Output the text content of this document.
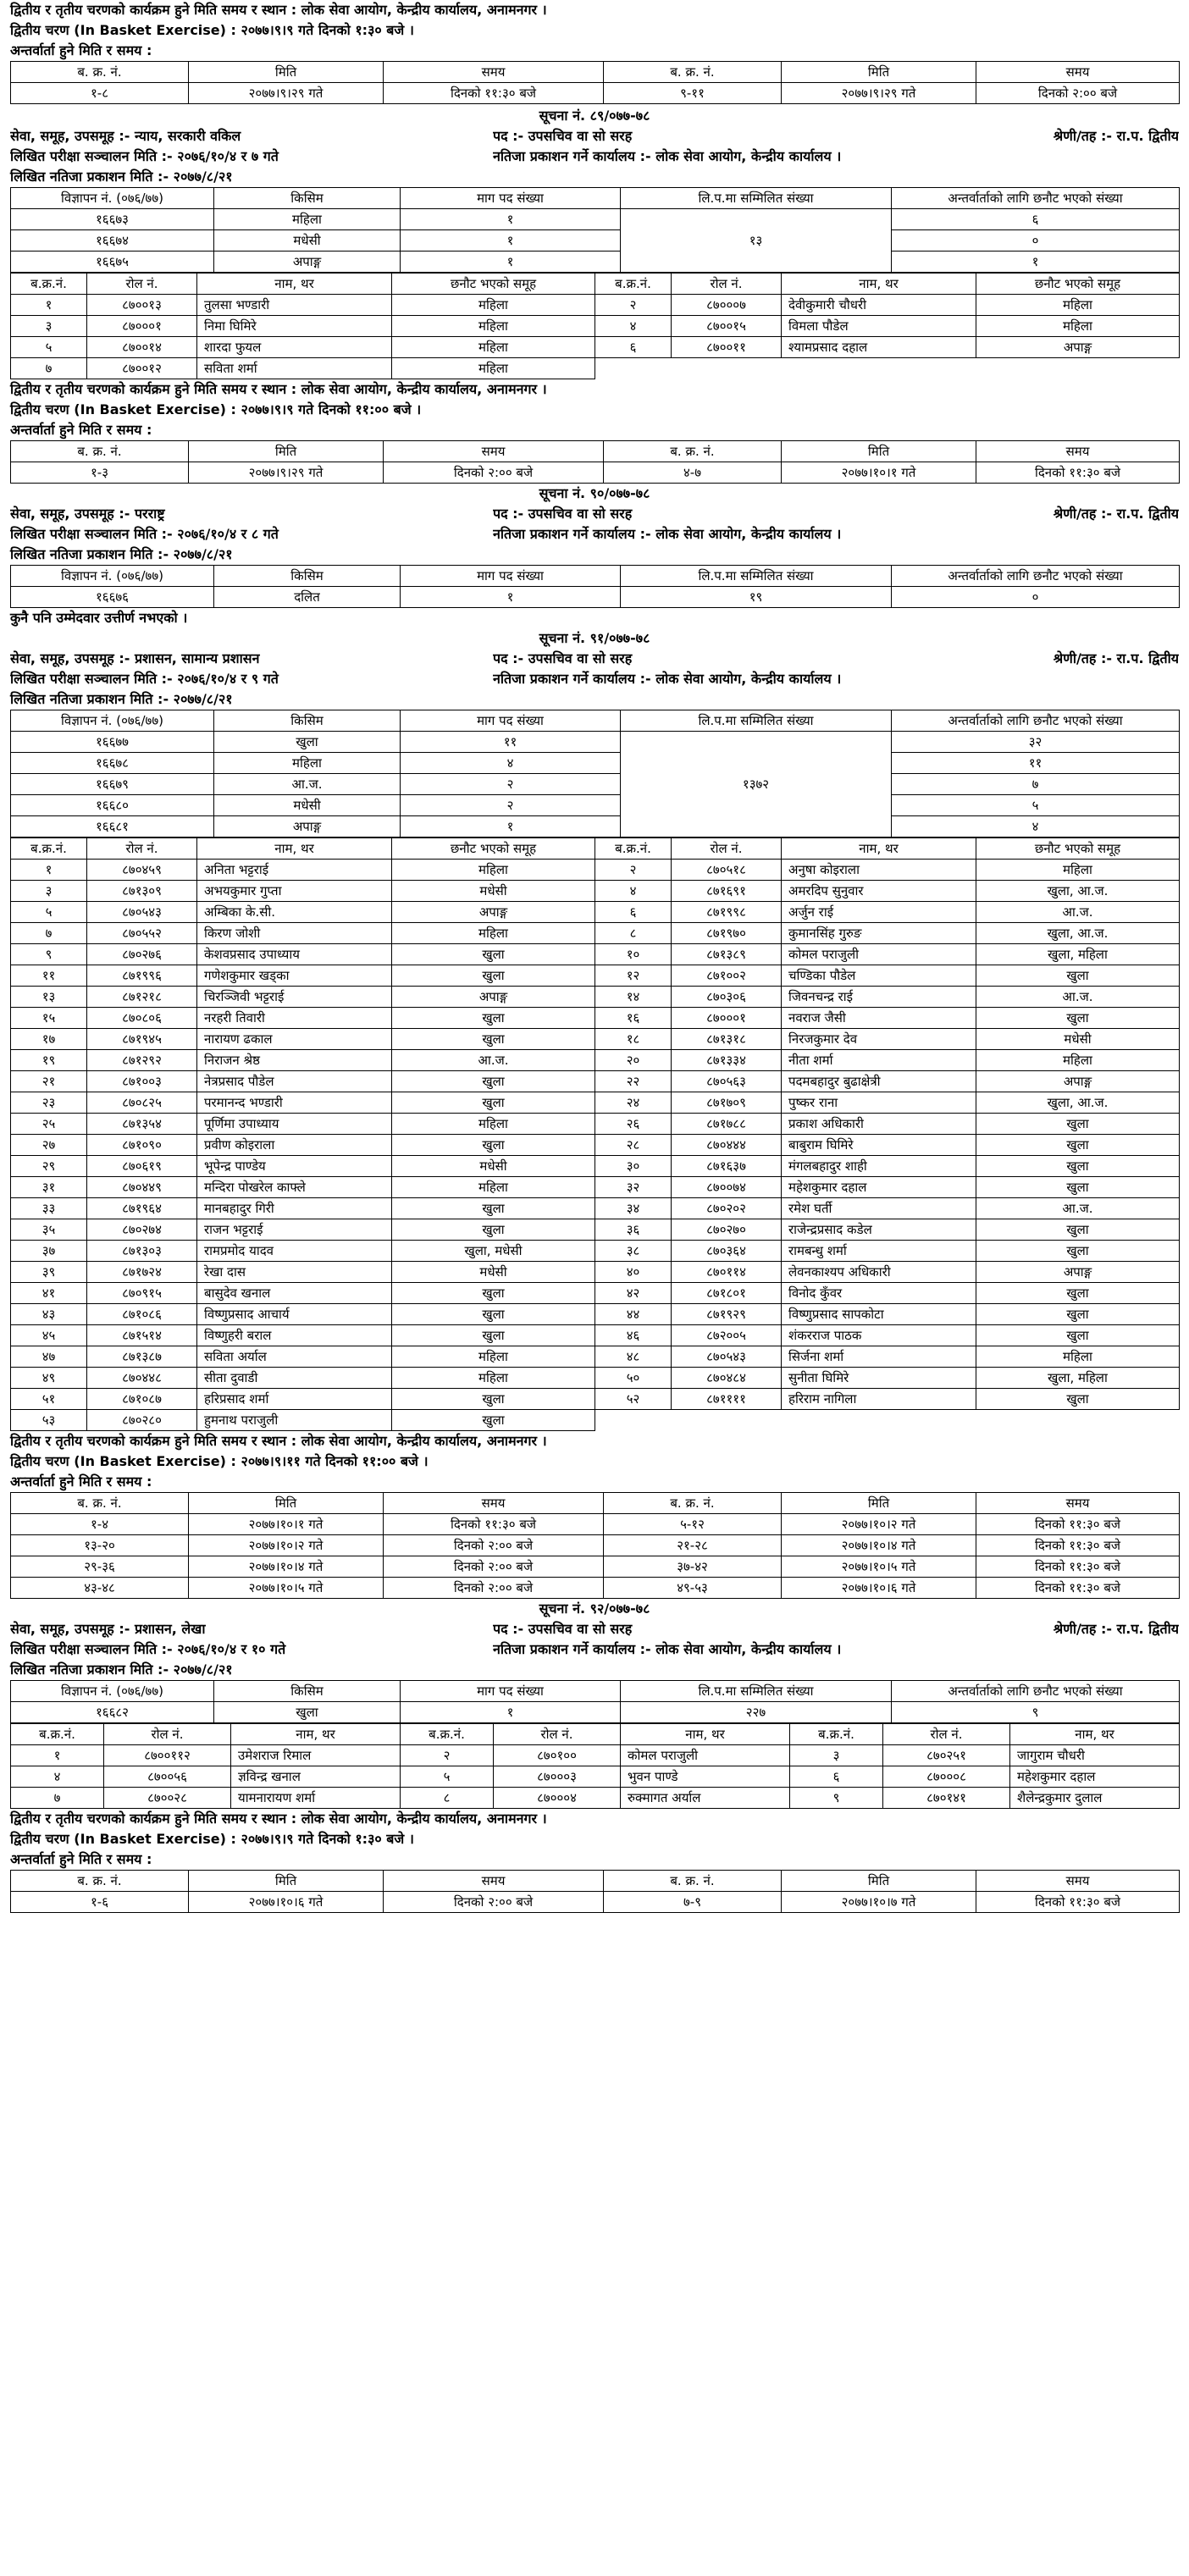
द्वितीय र तृतीय चरणको कार्यक्रम हुने मिति समय र स्थान : लोक सेवा आयोग, केन्द्रीय कार्यालय, अनामनगर ।
द्वितीय चरण (In Basket Exercise) : २०७७।९।९ गते दिनको १:३० बजे ।
अन्तर्वार्ता हुने मिति र समय :
ब. क्र. नं.	मिति	समय	ब. क्र. नं.	मिति	समय
१-८	२०७७।९।२९ गते	दिनको ११:३० बजे	९-११	२०७७।९।२९ गते	दिनको २:०० बजे
सूचना नं. ८९/०७७-७८
सेवा, समूह, उपसमूह :- न्याय, सरकारी वकिल	पद :- उपसचिव वा सो सरह	श्रेणी/तह :- रा.प. द्वितीय
लिखित परीक्षा सञ्चालन मिति :- २०७६/१०/४ र ७ गते	नतिजा प्रकाशन गर्ने कार्यालय :- लोक सेवा आयोग, केन्द्रीय कार्यालय ।
लिखित नतिजा प्रकाशन मिति :- २०७७/८/२१
विज्ञापन नं. (०७६/७७)	किसिम	माग पद संख्या	लि.प.मा सम्मिलित संख्या	अन्तर्वार्ताको लागि छनौट भएको संख्या
१६६७३	महिला	१	१३	६
१६६७४	मधेसी	१		०
१६६७५	अपाङ्ग	१		१
ब.क्र.नं.	रोल नं.	नाम, थर	छनौट भएको समूह	ब.क्र.नं.	रोल नं.	नाम, थर	छनौट भएको समूह
१	८७००१३	तुलसा भण्डारी	महिला	२	८७०००७	देवीकुमारी चौधरी	महिला
३	८७०००१	निमा घिमिरे	महिला	४	८७००१५	विमला पौडेल	महिला
५	८७००१४	शारदा फुयल	महिला	६	८७००११	श्यामप्रसाद दहाल	अपाङ्ग
७	८७००१२	सविता शर्मा	महिला				
द्वितीय र तृतीय चरणको कार्यक्रम हुने मिति समय र स्थान : लोक सेवा आयोग, केन्द्रीय कार्यालय, अनामनगर ।
द्वितीय चरण (In Basket Exercise) : २०७७।९।९ गते दिनको ११:०० बजे ।
अन्तर्वार्ता हुने मिति र समय :
ब. क्र. नं.	मिति	समय	ब. क्र. नं.	मिति	समय
१-३	२०७७।९।२९ गते	दिनको २:०० बजे	४-७	२०७७।१०।१ गते	दिनको ११:३० बजे
सूचना नं. ९०/०७७-७८
सेवा, समूह, उपसमूह :- परराष्ट्र	पद :- उपसचिव वा सो सरह	श्रेणी/तह :- रा.प. द्वितीय
लिखित परीक्षा सञ्चालन मिति :- २०७६/१०/४ र ८ गते	नतिजा प्रकाशन गर्ने कार्यालय :- लोक सेवा आयोग, केन्द्रीय कार्यालय ।
लिखित नतिजा प्रकाशन मिति :- २०७७/८/२१
विज्ञापन नं. (०७६/७७)	किसिम	माग पद संख्या	लि.प.मा सम्मिलित संख्या	अन्तर्वार्ताको लागि छनौट भएको संख्या
१६६७६	दलित	१	१९	०
कुनै पनि उम्मेदवार उत्तीर्ण नभएको ।
सूचना नं. ९१/०७७-७८
सेवा, समूह, उपसमूह :- प्रशासन, सामान्य प्रशासन	पद :- उपसचिव वा सो सरह	श्रेणी/तह :- रा.प. द्वितीय
लिखित परीक्षा सञ्चालन मिति :- २०७६/१०/४ र ९ गते	नतिजा प्रकाशन गर्ने कार्यालय :- लोक सेवा आयोग, केन्द्रीय कार्यालय ।
लिखित नतिजा प्रकाशन मिति :- २०७७/८/२१
विज्ञापन नं. (०७६/७७)	किसिम	माग पद संख्या	लि.प.मा सम्मिलित संख्या	अन्तर्वार्ताको लागि छनौट भएको संख्या
१६६७७	खुला	११	१३७२	३२
१६६७८	महिला	४		११
१६६७९	आ.ज.	२		७
१६६८०	मधेसी	२		५
१६६८१	अपाङ्ग	१		४
ब.क्र.नं.	रोल नं.	नाम, थर	छनौट भएको समूह	ब.क्र.नं.	रोल नं.	नाम, थर	छनौट भएको समूह
१	८७०४५९	अनिता भट्टराई	महिला	२	८७०५१८	अनुषा कोइराला	महिला
३	८७१३०९	अभयकुमार गुप्ता	मधेसी	४	८७१६९१	अमरदिप सुनुवार	खुला, आ.ज.
५	८७०५४३	अम्बिका के.सी.	अपाङ्ग	६	८७१९९८	अर्जुन राई	आ.ज.
७	८७०५५२	किरण जोशी	महिला	८	८७१९७०	कुमानसिंह गुरुङ	खुला, आ.ज.
९	८७०२७६	केशवप्रसाद उपाध्याय	खुला	१०	८७१३८९	कोमल पराजुली	खुला, महिला
११	८७१९९६	गणेशकुमार खड्का	खुला	१२	८७१००२	चण्डिका पौडेल	खुला
१३	८७१२१८	चिरञ्जिवी भट्टराई	अपाङ्ग	१४	८७०३०६	जिवनचन्द्र राई	आ.ज.
१५	८७०८०६	नरहरी तिवारी	खुला	१६	८७०००१	नवराज जैसी	खुला
१७	८७१९४५	नारायण ढकाल	खुला	१८	८७१३१८	निरजकुमार देव	मधेसी
१९	८७१२९२	निराजन श्रेष्ठ	आ.ज.	२०	८७१३३४	नीता शर्मा	महिला
२१	८७१००३	नेत्रप्रसाद पौडेल	खुला	२२	८७०५६३	पदमबहादुर बुढाक्षेत्री	अपाङ्ग
२३	८७०८२५	परमानन्द भण्डारी	खुला	२४	८७१७०९	पुष्कर राना	खुला, आ.ज.
२५	८७१३५४	पूर्णिमा उपाध्याय	महिला	२६	८७१७८८	प्रकाश अधिकारी	खुला
२७	८७१०९०	प्रवीण कोइराला	खुला	२८	८७०४४४	बाबुराम घिमिरे	खुला
२९	८७०६१९	भूपेन्द्र पाण्डेय	मधेसी	३०	८७१६३७	मंगलबहादुर शाही	खुला
३१	८७०४४९	मन्दिरा पोखरेल काफ्ले	महिला	३२	८७००७४	महेशकुमार दहाल	खुला
३३	८७१९६४	मानबहादुर गिरी	खुला	३४	८७०२०२	रमेश घर्ती	आ.ज.
३५	८७०२७४	राजन भट्टराई	खुला	३६	८७०२७०	राजेन्द्रप्रसाद कडेल	खुला
३७	८७१३०३	रामप्रमोद यादव	खुला, मधेसी	३८	८७०३६४	रामबन्धु शर्मा	खुला
३९	८७१७२४	रेखा दास	मधेसी	४०	८७०११४	लेवनकाश्यप अधिकारी	अपाङ्ग
४१	८७०९१५	बासुदेव खनाल	खुला	४२	८७१८०१	विनोद कुँवर	खुला
४३	८७१०८६	विष्णुप्रसाद आचार्य	खुला	४४	८७१९२९	विष्णुप्रसाद सापकोटा	खुला
४५	८७१५१४	विष्णुहरी बराल	खुला	४६	८७२००५	शंकरराज पाठक	खुला
४७	८७१३८७	सविता अर्याल	महिला	४८	८७०५४३	सिर्जना शर्मा	महिला
४९	८७०४४८	सीता दुवाडी	महिला	५०	८७०४८४	सुनीता घिमिरे	खुला, महिला
५१	८७१०८७	हरिप्रसाद शर्मा	खुला	५२	८७११११	हरिराम नागिला	खुला
५३	८७०२८०	हुमनाथ पराजुली	खुला				
द्वितीय र तृतीय चरणको कार्यक्रम हुने मिति समय र स्थान : लोक सेवा आयोग, केन्द्रीय कार्यालय, अनामनगर ।
द्वितीय चरण (In Basket Exercise) : २०७७।९।११ गते दिनको ११:०० बजे ।
अन्तर्वार्ता हुने मिति र समय :
ब. क्र. नं.	मिति	समय	ब. क्र. नं.	मिति	समय
१-४	२०७७।१०।१ गते	दिनको ११:३० बजे	५-१२	२०७७।१०।२ गते	दिनको ११:३० बजे
१३-२०	२०७७।१०।२ गते	दिनको २:०० बजे	२१-२८	२०७७।१०।४ गते	दिनको ११:३० बजे
२९-३६	२०७७।१०।४ गते	दिनको २:०० बजे	३७-४२	२०७७।१०।५ गते	दिनको ११:३० बजे
४३-४८	२०७७।१०।५ गते	दिनको २:०० बजे	४९-५३	२०७७।१०।६ गते	दिनको ११:३० बजे
सूचना नं. ९२/०७७-७८
सेवा, समूह, उपसमूह :- प्रशासन, लेखा	पद :- उपसचिव वा सो सरह	श्रेणी/तह :- रा.प. द्वितीय
लिखित परीक्षा सञ्चालन मिति :- २०७६/१०/४ र १० गते	नतिजा प्रकाशन गर्ने कार्यालय :- लोक सेवा आयोग, केन्द्रीय कार्यालय ।
लिखित नतिजा प्रकाशन मिति :- २०७७/८/२१
विज्ञापन नं. (०७६/७७)	किसिम	माग पद संख्या	लि.प.मा सम्मिलित संख्या	अन्तर्वार्ताको लागि छनौट भएको संख्या
१६६८२	खुला	१	२२७	९
ब.क्र.नं.	रोल नं.	नाम, थर	ब.क्र.नं.	रोल नं.	नाम, थर	ब.क्र.नं.	रोल नं.	नाम, थर
१	८७००११२	उमेशराज रिमाल	२	८७०१००	कोमल पराजुली	३	८७०२५१	जागुराम चौधरी
४	८७००५६	ज्ञविन्द्र खनाल	५	८७०००३	भुवन पाण्डे	६	८७०००८	महेशकुमार दहाल
७	८७००२८	यामनारायण शर्मा	८	८७०००४	रुक्मागत अर्याल	९	८७०१४१	शैलेन्द्रकुमार दुलाल
द्वितीय र तृतीय चरणको कार्यक्रम हुने मिति समय र स्थान : लोक सेवा आयोग, केन्द्रीय कार्यालय, अनामनगर ।
द्वितीय चरण (In Basket Exercise) : २०७७।९।९ गते दिनको १:३० बजे ।
अन्तर्वार्ता हुने मिति र समय :
ब. क्र. नं.	मिति	समय	ब. क्र. नं.	मिति	समय
१-६	२०७७।१०।६ गते	दिनको २:०० बजे	७-९	२०७७।१०।७ गते	दिनको ११:३० बजे
